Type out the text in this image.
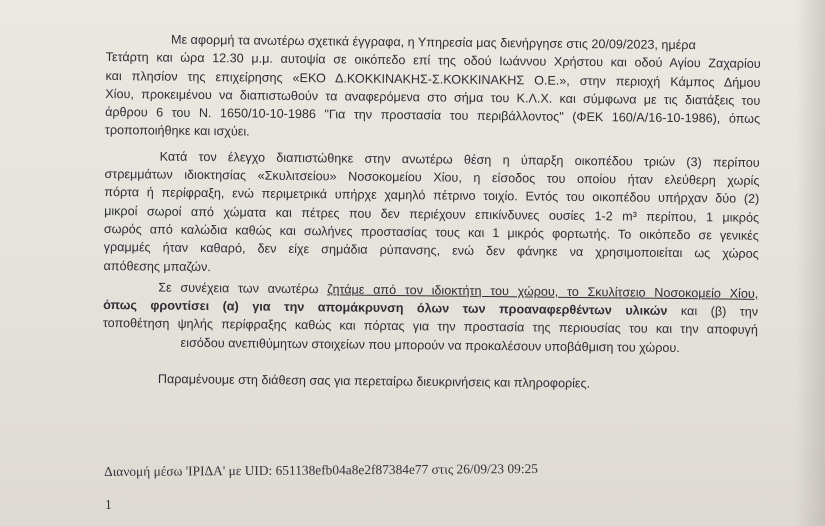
Με αφορμή τα ανωτέρω σχετικά έγγραφα, η Υπηρεσία μας διενήργησε στις 20/09/2023, ημέρα
Τετάρτη και ώρα 12.30 μ.μ. αυτοψία σε οικόπεδο επί της οδού Ιωάννου Χρήστου και οδού Αγίου Ζαχαρίου
και πλησίον της επιχείρησης «ΕΚΟ Δ.ΚΟΚΚΙΝΑΚΗΣ-Σ.ΚΟΚΚΙΝΑΚΗΣ Ο.Ε.», στην περιοχή Κάμπος Δήμου
Χίου, προκειμένου να διαπιστωθούν τα αναφερόμενα στο σήμα του Κ.Λ.Χ. και σύμφωνα με τις διατάξεις του
άρθρου 6 του Ν. 1650/10-10-1986 "Για την προστασία του περιβάλλοντος" (ΦΕΚ 160/Α/16-10-1986), όπως
τροποποιήθηκε και ισχύει.
Κατά τον έλεγχο διαπιστώθηκε στην ανωτέρω θέση η ύπαρξη οικοπέδου τριών (3) περίπου
στρεμμάτων ιδιοκτησίας «Σκυλιτσείου» Νοσοκομείου Χίου, η είσοδος του οποίου ήταν ελεύθερη χωρίς
πόρτα ή περίφραξη, ενώ περιμετρικά υπήρχε χαμηλό πέτρινο τοιχίο. Εντός του οικοπέδου υπήρχαν δύο (2)
μικροί σωροί από χώματα και πέτρες που δεν περιέχουν επικίνδυνες ουσίες 1-2 m³ περίπου, 1 μικρός
σωρός από καλώδια καθώς και σωλήνες προστασίας τους και 1 μικρός φορτωτής. Το οικόπεδο σε γενικές
γραμμές ήταν καθαρό, δεν είχε σημάδια ρύπανσης, ενώ δεν φάνηκε να χρησιμοποιείται ως χώρος
απόθεσης μπαζών.
Σε συνέχεια των ανωτέρω ζητάμε από τον ιδιοκτήτη του χώρου, το Σκυλίτσειο Νοσοκομείο Χίου,
όπως φροντίσει (α) για την απομάκρυνση όλων των προαναφερθέντων υλικών και (β) την
τοποθέτηση ψηλής περίφραξης καθώς και πόρτας για την προστασία της περιουσίας του και την αποφυγή
εισόδου ανεπιθύμητων στοιχείων που μπορούν να προκαλέσουν υποβάθμιση του χώρου.
Παραμένουμε στη διάθεση σας για περεταίρω διευκρινήσεις και πληροφορίες.
Διανομή μέσω 'ΙΡΙΔΑ' με UID: 651138efb04a8e2f87384e77 στις 26/09/23 09:25
1
